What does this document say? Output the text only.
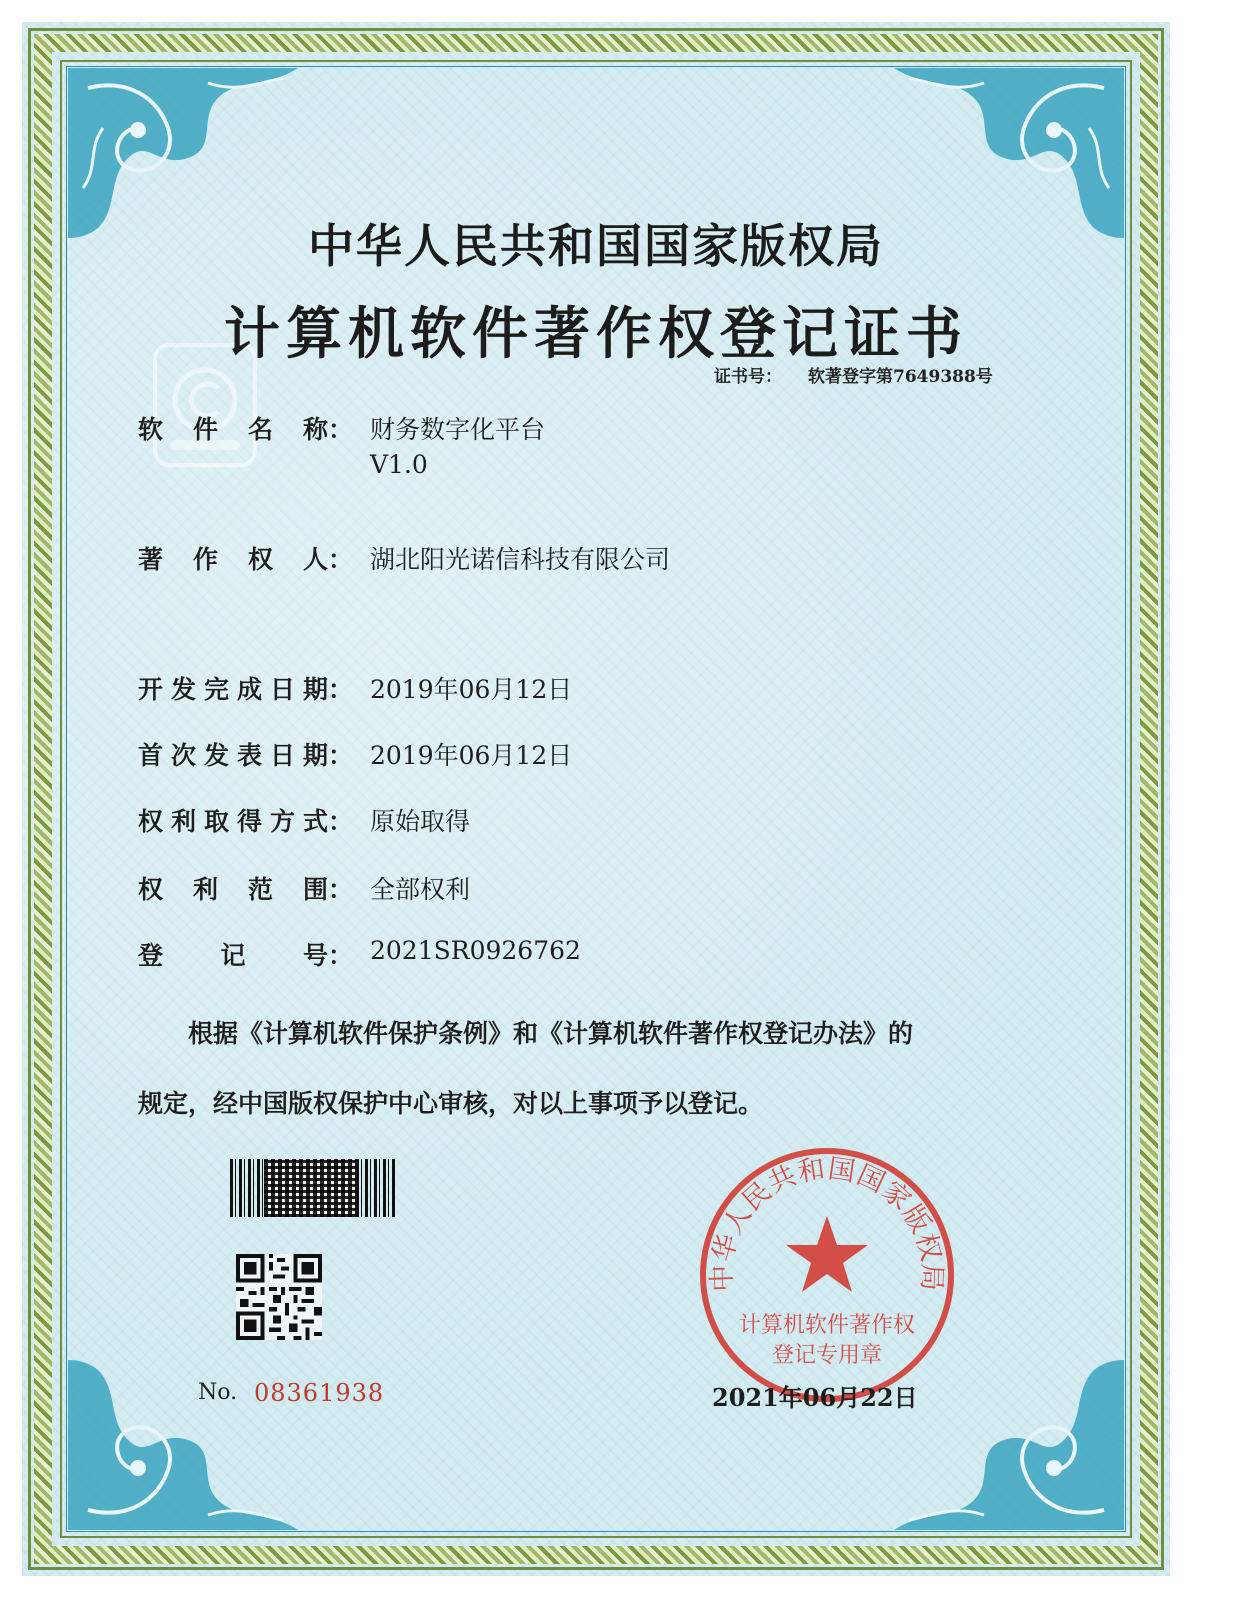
中华人民共和国国家版权局
计算机软件著作权登记证书
证书号： 软著登字第7649388号
软件名称： 财务数字化平台
V1.0
著作权人： 湖北阳光诺信科技有限公司
开发完成日期： 2019年06月12日
首次发表日期： 2019年06月12日
权利取得方式： 原始取得
权利范围： 全部权利
登记号： 2021SR0926762
　　根据《计算机软件保护条例》和《计算机软件著作权登记办法》的
规定，经中国版权保护中心审核，对以上事项予以登记。
No. 08361938
中华人民共和国国家版权局
计算机软件著作权
登记专用章
2021年06月22日
